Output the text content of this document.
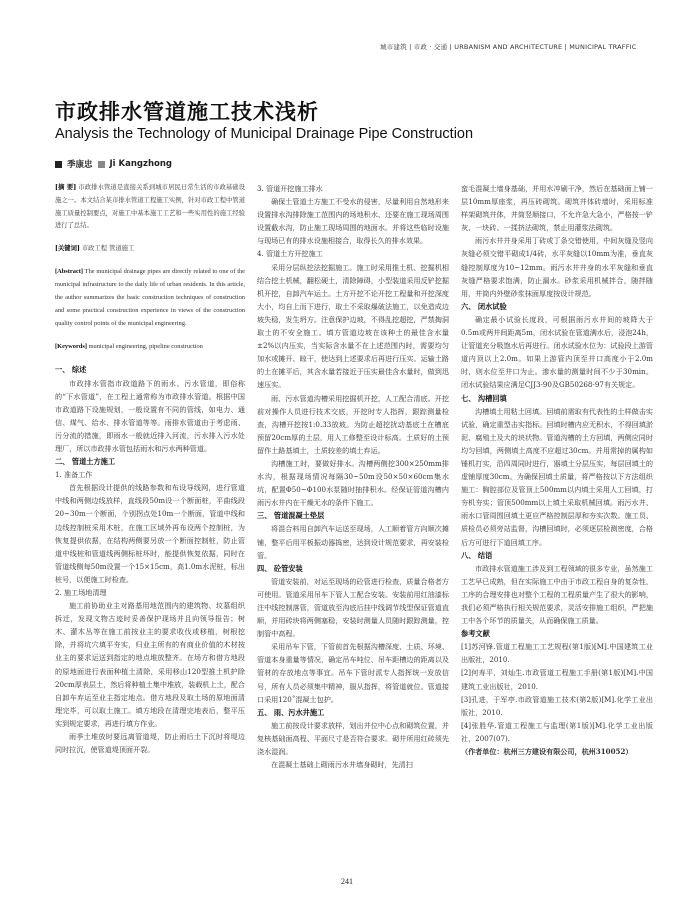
城市建筑 | 市政 · 交通 | URBANISM AND ARCHITECTURE | MUNICIPAL TRAFFIC
市政排水管道施工技术浅析
Analysis the Technology of Municipal Drainage Pipe Construction
季康忠 Ji Kangzhong

[摘 要] 市政排水管道是直接关系到城市居民日常生活的市政基础设施之一。本文结合某市排水管道工程施工实例，针对市政工程中管道施工质量控制要点，对施工中基本施工工艺和一些实用性的施工经验进行了总结。

[关键词] 市政工程 管道施工

[Abstract] The municipal drainage pipes are directly related to one of the municipal infrastructure to the daily life of urban residents. In this article, the author summarizes the basic construction techniques of construction and some practical construction experience in views of the construction quality control points of the municipal engineering.

[Keywords] municipal engineering, pipeline construction

一、 综述

市政排水管指市政道路下的雨水、污水管道，即俗称的“下水管道”，在工程上通常称为市政排水管道。根据中国市政道路下设施规划，一般设置有不同的管线，如电力、通信、煤气、给水、排水管道等等。雨排水管道由于考虑雨、污分流的措施，即雨水一般就近排入河流，污水排入污水处理厂，所以市政排水管包括雨水和污水两种管道。

二、 管道土方施工

1. 准备工作

首先根据设计提供的线路参数和布设导线网，进行管道中线和两侧边线放样，直线段50m设一个断面桩，平曲线段20~30m一个断面，个别拐点处10m一个断面，管道中线和边线控制桩采用木桩，在施工区域外再布设两个控制桩，为恢复提供依据，在结构两侧要另放一个断面控制桩，防止管道中线桩和管道线两侧标桩坏时，能提供恢复依据，同时在管道线侧每50m设置一个15×15cm，高1.0m水泥桩，标出桩号，以便施工时检查。

2. 施工场地清理

施工前协助业主对路基用地范围内的建筑物、坟墓组织拆迁，发现文物古迹时妥善保护现场并且向领导报告；树木、灌木丛等在施工前按业主的要求收伐或移植，树根挖除，并将坑穴填平夯实，归业主所有的有商业价值的木材按业主的要求运送到指定的地点堆放整齐。在场方和借方地段的原地面进行表面种植土清除，采用移山120型推土机护除20cm厚表层土，然后将种植土集中堆放，装载机上土，配合自卸车弃运至业主指定地点。借方地段及取土场的原地面清理完毕，可以取土施工。填方地段在清理完地表后，整平压实到规定要求，再进行填方作业。

雨季土堆放时要远离管道堤，防止雨后土下沉时将堤边同时拉沉，使管道堤顶面开裂。

3. 管道开挖施工排水

确保土管道土方施工不受水的侵害，尽量利用自然地形来设置排水沟排除施工范围内的场地积水、还要在施工现场周围设置截水沟，防止施工现场周围的地面水。并将这些临时设施与现场已有的排水设施相接合，取得长久的排水效果。

4. 管道土方开挖施工

采用分层纵挖法挖掘施工。施工时采用推土机、挖掘机相结合挖土机械，翻松硬土，清除障碍，小型装道采用反铲挖掘机开挖，自卸汽车运土。土方开挖不论开挖工程量和开挖深度大小，均自上而下进行，取土不采取爆破法施工，以免造成边坡失稳，发生坍方。注意保护边坡，不得乱挖超挖，严禁掏洞取土的不安全施工。填方管道边坡在该种土的最佳含水量±2%以内压实，当实际含水量不在上述范围内时，需要均匀加水或摊开、晾干，使达到上述要求后再进行压实。运输土路的土在摊平后，其含水量若接近于压实最佳含水量时，做到迅速压实。

雨、污水管道沟槽采用挖掘机开挖，人工配合清底。开挖前对操作人员进行技术交底，开挖时专人指挥，跟踪测量检查，沟槽开挖按1:0.33放坡。为防止超挖扰动基底土在槽底预留20cm厚的土层，用人工修整至设计标高。土质好的土预留作土路基填土，土质较差的填土弃运。

沟槽施工时，要做好排水。沟槽两侧挖300×250mm排水沟，根据现场情况每隔30~50m设50×50×60cm集水坑，配置Φ50~Φ100水泵随时抽排积水。经保证管道沟槽内雨污水井内在干燥无水的条件下施工。

三、 管道混凝土垫层

将混合料用自卸汽车运送至现场，人工顺着管方向顺次摊铺，整平后用平板振动器捣密，达到设计规范要求，再安装检管。

四、 砼管安装

管道安装前，对运至现场的砼管进行检查，质量合格者方可使用。管道采用吊车下管人工配合安装。安装前用红油漆标注中线控制落管，管道放至沟底后挂中线调节线型保证管道直顺，并用砖块将两侧塞稳，安装时测量人员随时跟踪测量，控制管中高程。

采用吊车下管，下管前首先根据沟槽深度、土质、环境、管道本身重量等情况，确定吊车吨位、吊车距槽边的距离以及管材的存放地点等事宜。吊车下管时派专人指挥统一发放信号，所有人员必须集中精神，服从指挥，将管道就位。管道接口采用120˚混凝土包护。

五、 雨、污水井施工

施工前按设计要求放样，划出井位中心点和砌筑位置，并复核基础面高程、平面尺寸是否符合要求。砌井所用红砖须先浇水湿润。

在混凝土基础上砌雨污水井墙身砌时，先清扫

蛮毛混凝土墙身基础，并用水冲刷干净，然后在基础面上铺一层10mm厚座浆，再压砖砌筑。砌筑井体砖墙时，采用标准样架砌筑井体，井筒竖顺接口，不允许急大急小，严格按一铲灰、一块砖、一揉挤法砌筑，禁止用灌浆法砌筑。

雨污水井井身采用丁砖或丁条交错使用，中间灰缝及竖向灰缝必须交错平砌成1/4砖，水平灰缝以10mm为准，垂直灰缝控制厚度为10~12mm。雨污水井井身的水平灰缝和垂直灰缝严格要求饱满，防止漏水。砂浆采用机械拌合，随拌随用，井筒内外壁砂浆抹面厚度按设计规范。

六、 闭水试验

确定最小试验长度段，可根据雨污水井间的坡降大于0.5m或两井间距离5m，闭水试验在管道满水后，浸泡24h，让管道充分吸饱水后再进行。闭水试验水位为：试验段上游管道内顶以上2.0m。如果上游管内顶至井口高度小于2.0m时，则水位至井口为止。渗水量的测量时间不少于30min。闭水试验结果应满足CJJ3-90及GB50268-97有关规定。

七、 沟槽回填

沟槽填土用粘土回填。回填前需取有代表性的土样做击实试验，确定重型击实指标。回填时槽内应无积水，不得回填淤泥、腐殖土及大的块状物。管道沟槽的土方回填，两侧应同时均匀回填，两侧填土高度不应超过30cm。并用常掉的属构如锤机打实，沿四周同时进行，器填土分层压实，每层回填土的虚铺厚度30cm。为确保回填土质量，将严格按以下方法组织施工：胸腔部位及管顶上500mm以内填土采用人工回填，打夯机夯实；管顶500mm以上填土采取机械回填。雨污水井、雨水口管周围回填土更应严格控制层厚和夯实次数。施工员、质检员必须旁站监督，沟槽回填时，必须逐层检测密度，合格后方可进行下道回填工序。

八、 结语

市政排水管道施工涉及到工程领域的很多专业，虽然施工工艺早已成熟，但在实际施工中由于市政工程自身的复杂性，工序的合理安排也对整个工程的工程质量产生了很大的影响，我们必须严格执行相关规范要求，灵活安排施工组织，严把施工中各个环节的质量关，从而确保施工质量。

参考文献

[1]苏河锋.管道工程施工工艺规程(第1版)[M].中国建筑工业出版社，2010.

[2]何寿平，刘灿生.市政管道工程施工手册(第1版)[M].中国建筑工业出版社，2010.

[3]孔进，于军亭.市政管道施工技术(第2版)[M].化学工业出版社，2010.

[4]张胜华.管道工程施工与监理(第1版)[M].化学工业出版社，2007(07).

（作者单位：杭州三方建设有限公司，杭州310052）

241
